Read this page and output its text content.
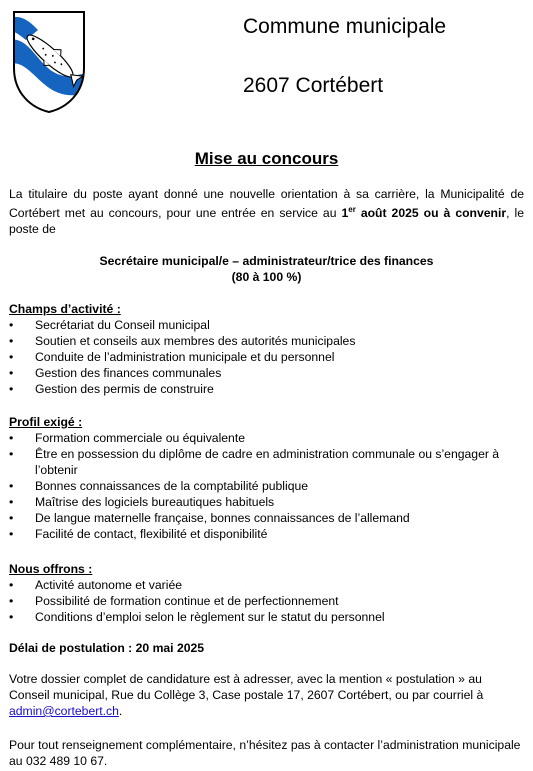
Commune municipale
2607 Cortébert
Mise au concours
La titulaire du poste ayant donné une nouvelle orientation à sa carrière, la Municipalité de Cortébert met au concours, pour une entrée en service au 1er août 2025 ou à convenir, le poste de
Secrétaire municipal/e – administrateur/trice des finances
(80 à 100 %)
Champs d’activité :
• Secrétariat du Conseil municipal
• Soutien et conseils aux membres des autorités municipales
• Conduite de l’administration municipale et du personnel
• Gestion des finances communales
• Gestion des permis de construire
Profil exigé :
• Formation commerciale ou équivalente
• Être en possession du diplôme de cadre en administration communale ou s’engager à l’obtenir
• Bonnes connaissances de la comptabilité publique
• Maîtrise des logiciels bureautiques habituels
• De langue maternelle française, bonnes connaissances de l’allemand
• Facilité de contact, flexibilité et disponibilité
Nous offrons :
• Activité autonome et variée
• Possibilité de formation continue et de perfectionnement
• Conditions d’emploi selon le règlement sur le statut du personnel
Délai de postulation : 20 mai 2025
Votre dossier complet de candidature est à adresser, avec la mention « postulation » au Conseil municipal, Rue du Collège 3, Case postale 17, 2607 Cortébert, ou par courriel à admin@cortebert.ch.
Pour tout renseignement complémentaire, n’hésitez pas à contacter l’administration municipale au 032 489 10 67.
